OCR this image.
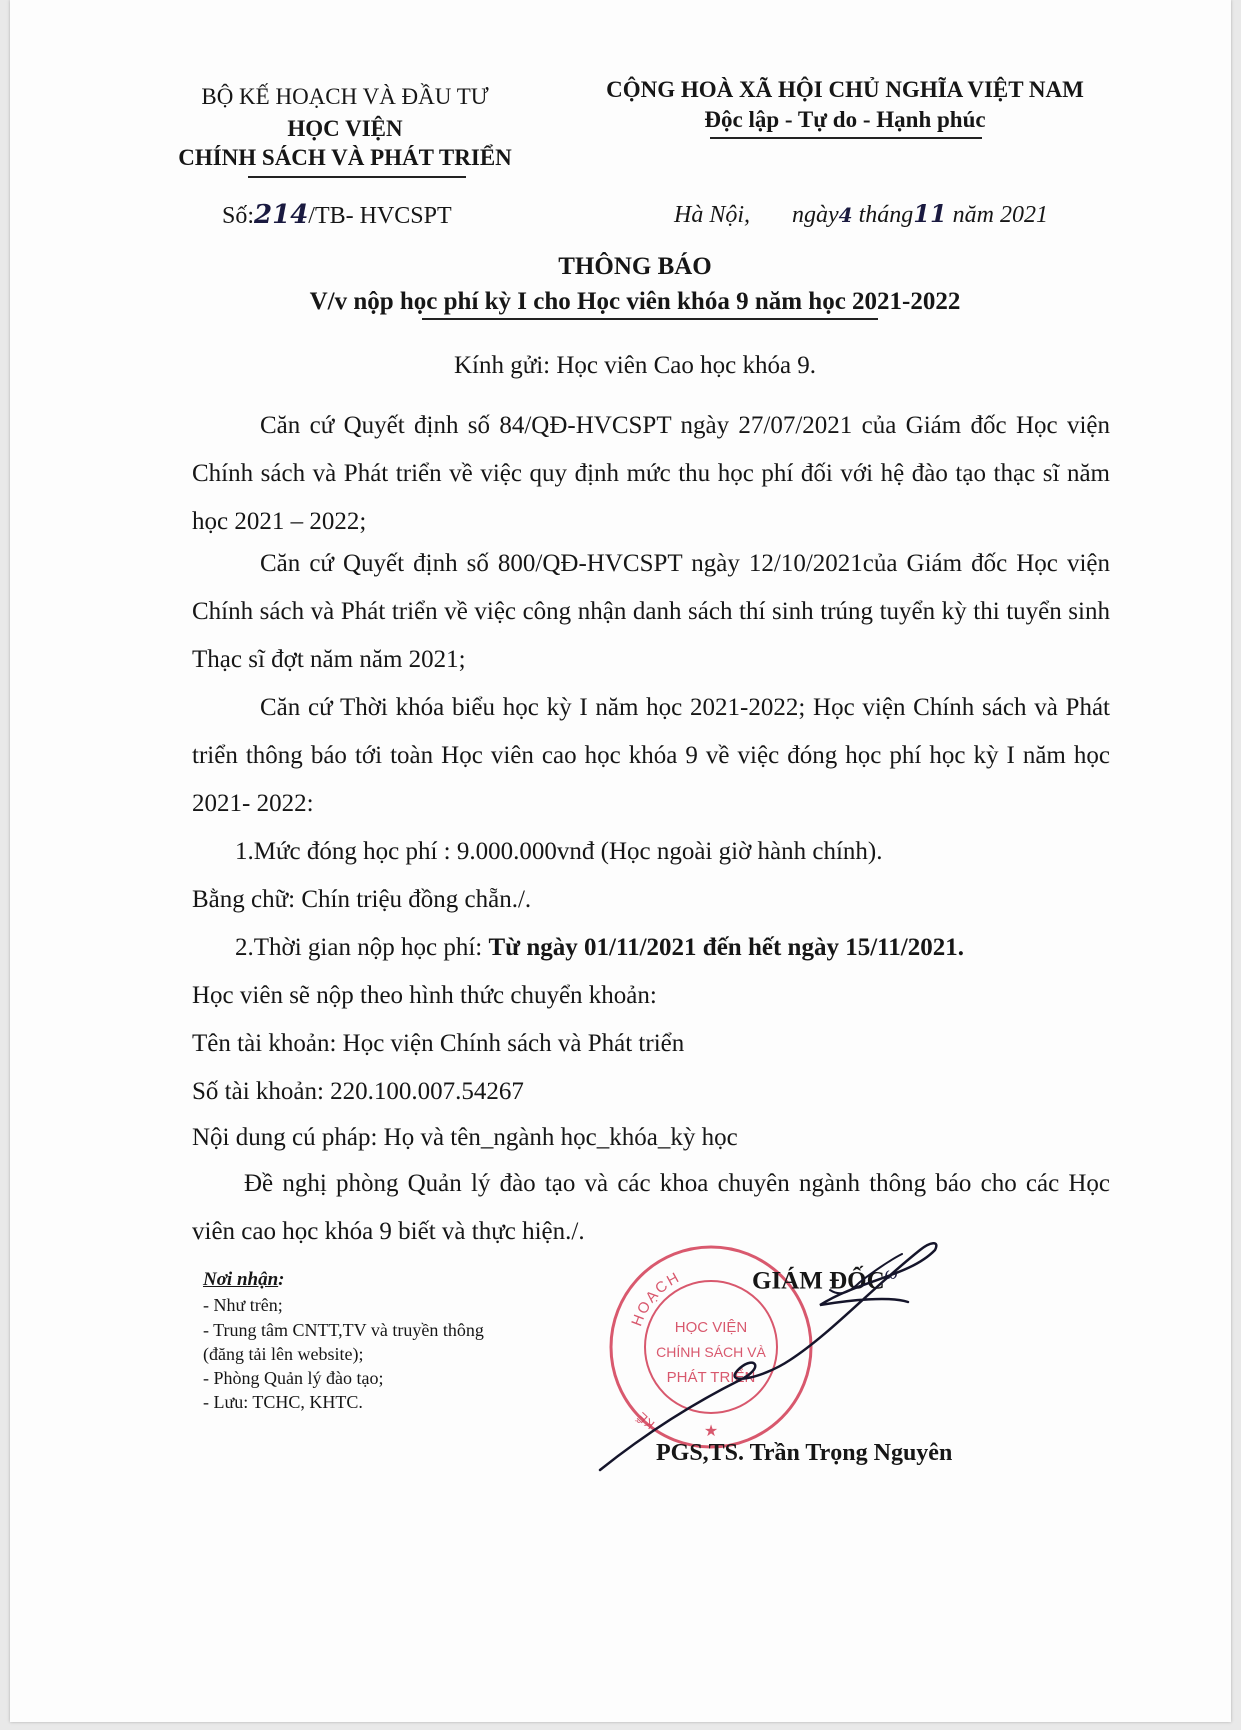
BỘ KẾ HOẠCH VÀ ĐẦU TƯ
HỌC VIỆN
CHÍNH SÁCH VÀ PHÁT TRIỂN
CỘNG HOÀ XÃ HỘI CHỦ NGHĨA VIỆT NAM
Độc lập - Tự do - Hạnh phúc
Số:214/TB- HVCSPT	Hà Nội, ngày4 tháng11 năm 2021
THÔNG BÁO
V/v nộp học phí kỳ I cho Học viên khóa 9 năm học 2021-2022
Kính gửi: Học viên Cao học khóa 9.
Căn cứ Quyết định số 84/QĐ-HVCSPT ngày 27/07/2021 của Giám đốc Học viện Chính sách và Phát triển về việc quy định mức thu học phí đối với hệ đào tạo thạc sĩ năm học 2021 – 2022;
Căn cứ Quyết định số 800/QĐ-HVCSPT ngày 12/10/2021của Giám đốc Học viện Chính sách và Phát triển về việc công nhận danh sách thí sinh trúng tuyển kỳ thi tuyển sinh Thạc sĩ đợt năm năm 2021;
Căn cứ Thời khóa biểu học kỳ I năm học 2021-2022; Học viện Chính sách và Phát triển thông báo tới toàn Học viên cao học khóa 9 về việc đóng học phí học kỳ I năm học 2021- 2022:
1.Mức đóng học phí : 9.000.000vnđ (Học ngoài giờ hành chính).
Bằng chữ: Chín triệu đồng chẵn./.
2.Thời gian nộp học phí: Từ ngày 01/11/2021 đến hết ngày 15/11/2021.
Học viên sẽ nộp theo hình thức chuyển khoản:
Tên tài khoản: Học viện Chính sách và Phát triển
Số tài khoản: 220.100.007.54267
Nội dung cú pháp: Họ và tên_ngành học_khóa_kỳ học
Đề nghị phòng Quản lý đào tạo và các khoa chuyên ngành thông báo cho các Học viên cao học khóa 9 biết và thực hiện./.
Nơi nhận:
- Như trên;
- Trung tâm CNTT,TV và truyền thông
(đăng tải lên website);
- Phòng Quản lý đào tạo;
- Lưu: TCHC, KHTC.
HOẠCH
KẾ
HỌC VIỆN
CHÍNH SÁCH VÀ
PHÁT TRIỂN
★
GIÁM ĐỐC$^\omega$
PGS,TS. Trần Trọng Nguyên
